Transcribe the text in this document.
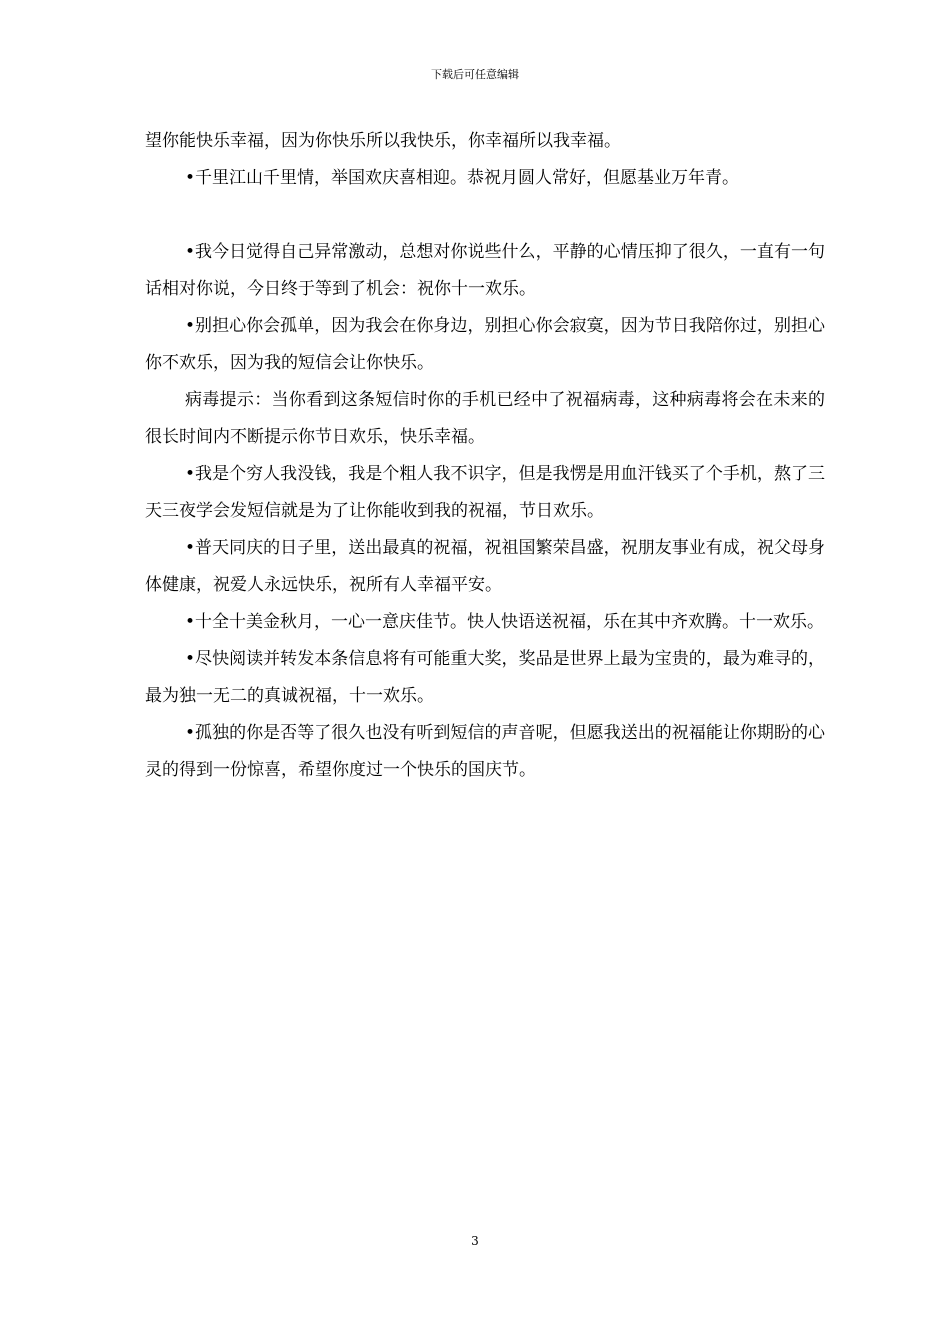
下载后可任意编辑

望你能快乐幸福，因为你快乐所以我快乐，你幸福所以我幸福。

•千里江山千里情，举国欢庆喜相迎。恭祝月圆人常好，但愿基业万年青。

•我今日觉得自己异常激动，总想对你说些什么，平静的心情压抑了很久，一直有一句话相对你说，今日终于等到了机会：祝你十一欢乐。

•别担心你会孤单，因为我会在你身边，别担心你会寂寞，因为节日我陪你过，别担心你不欢乐，因为我的短信会让你快乐。

病毒提示：当你看到这条短信时你的手机已经中了祝福病毒，这种病毒将会在未来的很长时间内不断提示你节日欢乐，快乐幸福。

•我是个穷人我没钱，我是个粗人我不识字，但是我愣是用血汗钱买了个手机，熬了三天三夜学会发短信就是为了让你能收到我的祝福，节日欢乐。

•普天同庆的日子里，送出最真的祝福，祝祖国繁荣昌盛，祝朋友事业有成，祝父母身体健康，祝爱人永远快乐，祝所有人幸福平安。

•十全十美金秋月，一心一意庆佳节。快人快语送祝福，乐在其中齐欢腾。十一欢乐。

•尽快阅读并转发本条信息将有可能重大奖，奖品是世界上最为宝贵的，最为难寻的，最为独一无二的真诚祝福，十一欢乐。

•孤独的你是否等了很久也没有听到短信的声音呢，但愿我送出的祝福能让你期盼的心灵的得到一份惊喜，希望你度过一个快乐的国庆节。

3
